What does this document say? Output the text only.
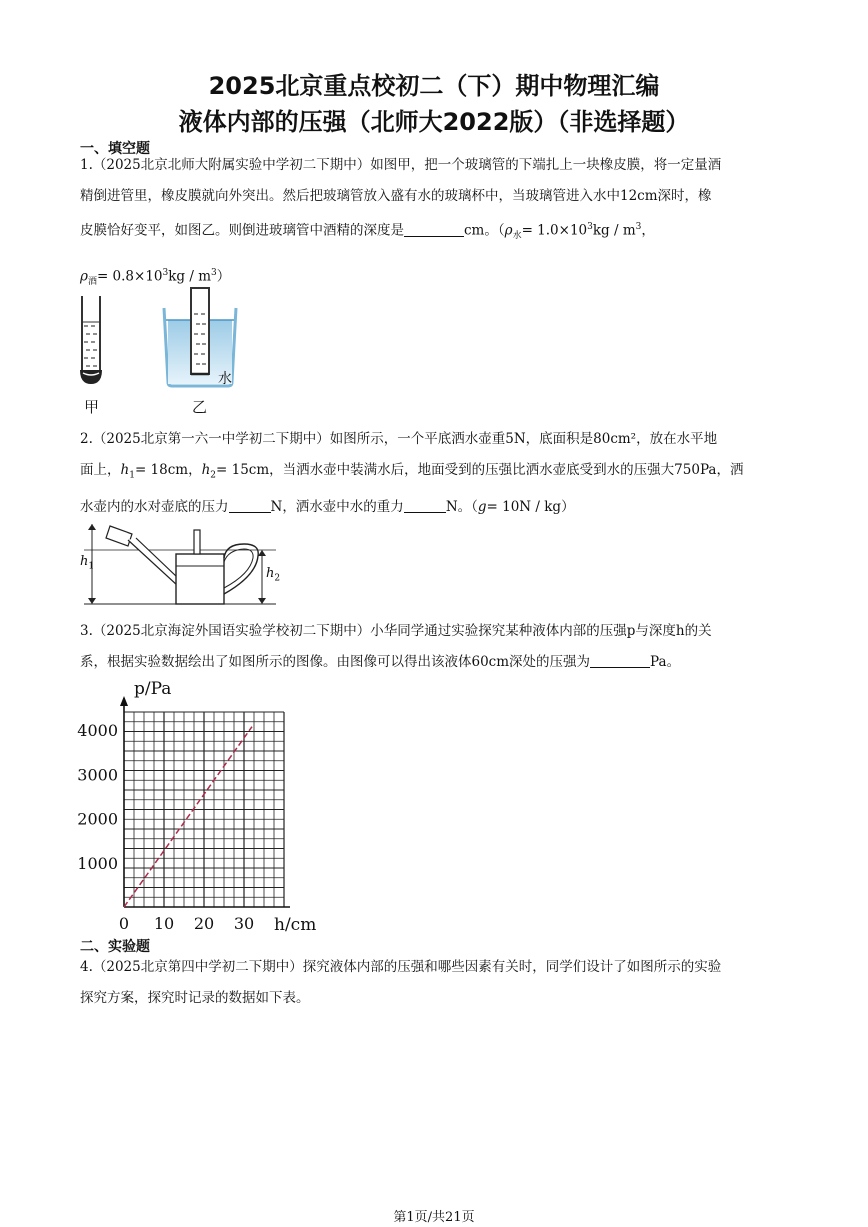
2025北京重点校初二（下）期中物理汇编
液体内部的压强（北师大2022版）（非选择题）
一、填空题
1.（2025北京北师大附属实验中学初二下期中）如图甲，把一个玻璃管的下端扎上一块橡皮膜，将一定量酒
精倒进管里，橡皮膜就向外突出。然后把玻璃管放入盛有水的玻璃杯中，当玻璃管进入水中12cm深时，橡
皮膜恰好变平，如图乙。则倒进玻璃管中酒精的深度是	cm。（$\rho_水= 1.0\times 10^3kg / m^3$，
$\rho_酒= 0.8\times 10^3kg / m^3$）
甲
水
乙
2.（2025北京第一六一中学初二下期中）如图所示，一个平底洒水壶重5N，底面积是80cm²，放在水平地
面上，$h_1= 18cm$，$h_2= 15cm$，当洒水壶中装满水后，地面受到的压强比洒水壶底受到水的压强大750Pa，洒
水壶内的水对壶底的压力	N，洒水壶中水的重力	N。（g= 10N / kg）
$h_1$	$h_2$
3.（2025北京海淀外国语实验学校初二下期中）小华同学通过实验探究某种液体内部的压强p与深度h的关
系，根据实验数据绘出了如图所示的图像。由图像可以得出该液体60cm深处的压强为	Pa。
0 10 20 30
1000
2000
3000
4000
p/Pa
h/cm
二、实验题
4.（2025北京第四中学初二下期中）探究液体内部的压强和哪些因素有关时，同学们设计了如图所示的实验
探究方案，探究时记录的数据如下表。
第1页/共21页
